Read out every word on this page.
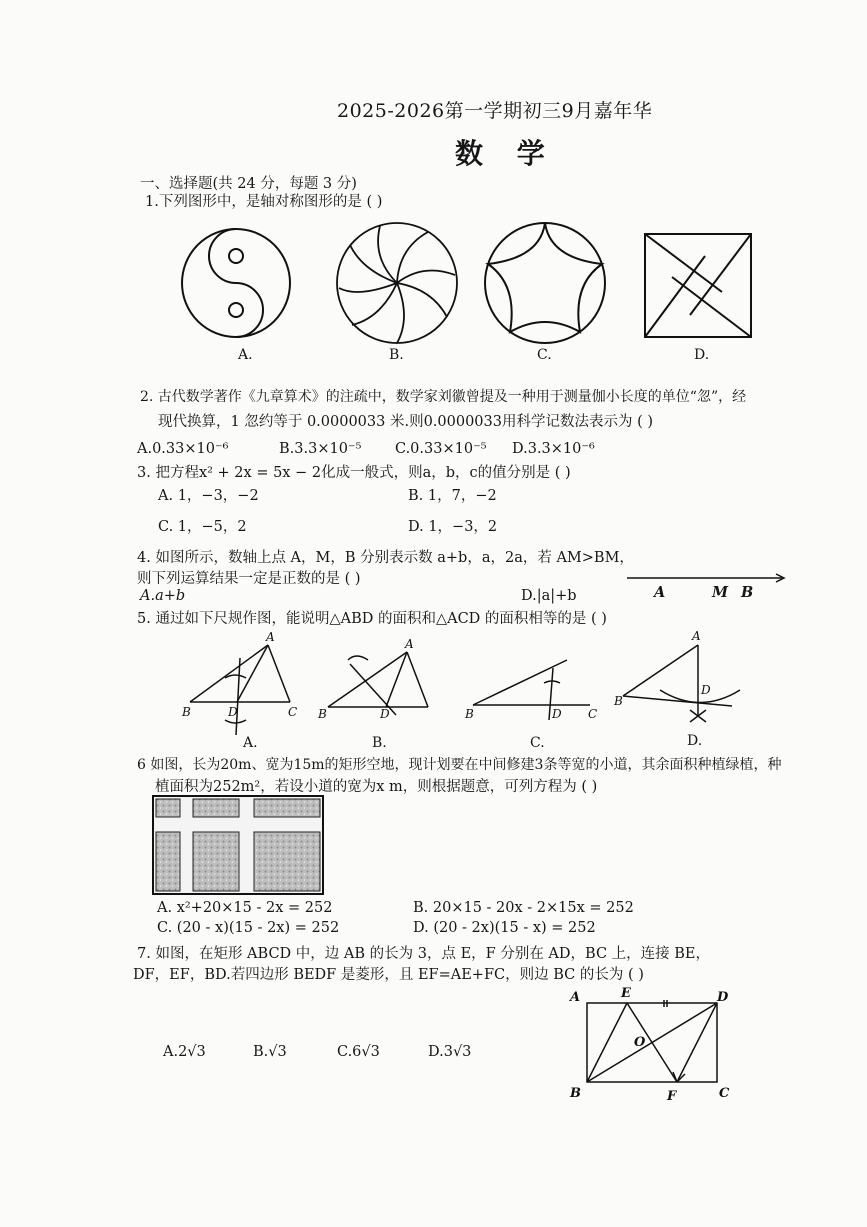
2025-2026第一学期初三9月嘉年华
数 学
一、选择题(共 24 分，每题 3 分)
1.下列图形中，是轴对称图形的是 ( )
A.	B.	C.	D.
2. 古代数学著作《九章算术》的注疏中，数学家刘徽曾提及一种用于测量伽小长度的单位“忽”，经
现代换算，1 忽约等于 0.0000033 米.则0.0000033用科学记数法表示为 ( )
A.0.33×10⁻⁶	B.3.3×10⁻⁵ C.0.33×10⁻⁵ D.3.3×10⁻⁶
3. 把方程x² + 2x = 5x − 2化成一般式，则a，b，c的值分别是 ( )
A. 1，−3，−2	B. 1，7，−2
C. 1，−5，2	D. 1，−3，2
4. 如图所示，数轴上点 A，M，B 分别表示数 a+b，a，2a，若 AM>BM，
则下列运算结果一定是正数的是 ( )
A.a+b	D.|a|+b	A	M B
5. 通过如下尺规作图，能说明△ABD 的面积和△ACD 的面积相等的是 ( )
A
B	D	C
A
B	D	B	D C
A
B
D
A.	B.	C.	D.
6 如图，长为20m、宽为15m的矩形空地，现计划要在中间修建3条等宽的小道，其余面积种植绿植，种
植面积为252m²，若设小道的宽为x m，则根据题意，可列方程为 ( )
A. x²+20×15 - 2x = 252	B. 20×15 - 20x - 2×15x = 252
C. (20 - x)(15 - 2x) = 252	D. (20 - 2x)(15 - x) = 252
7. 如图，在矩形 ABCD 中，边 AB 的长为 3，点 E，F 分别在 AD，BC 上，连接 BE，
DF，EF，BD.若四边形 BEDF 是菱形，且 EF=AE+FC，则边 BC 的长为 ( )
A.2√3	B.√3	C.6√3	D.3√3
A	E	D
O
B	F	C
